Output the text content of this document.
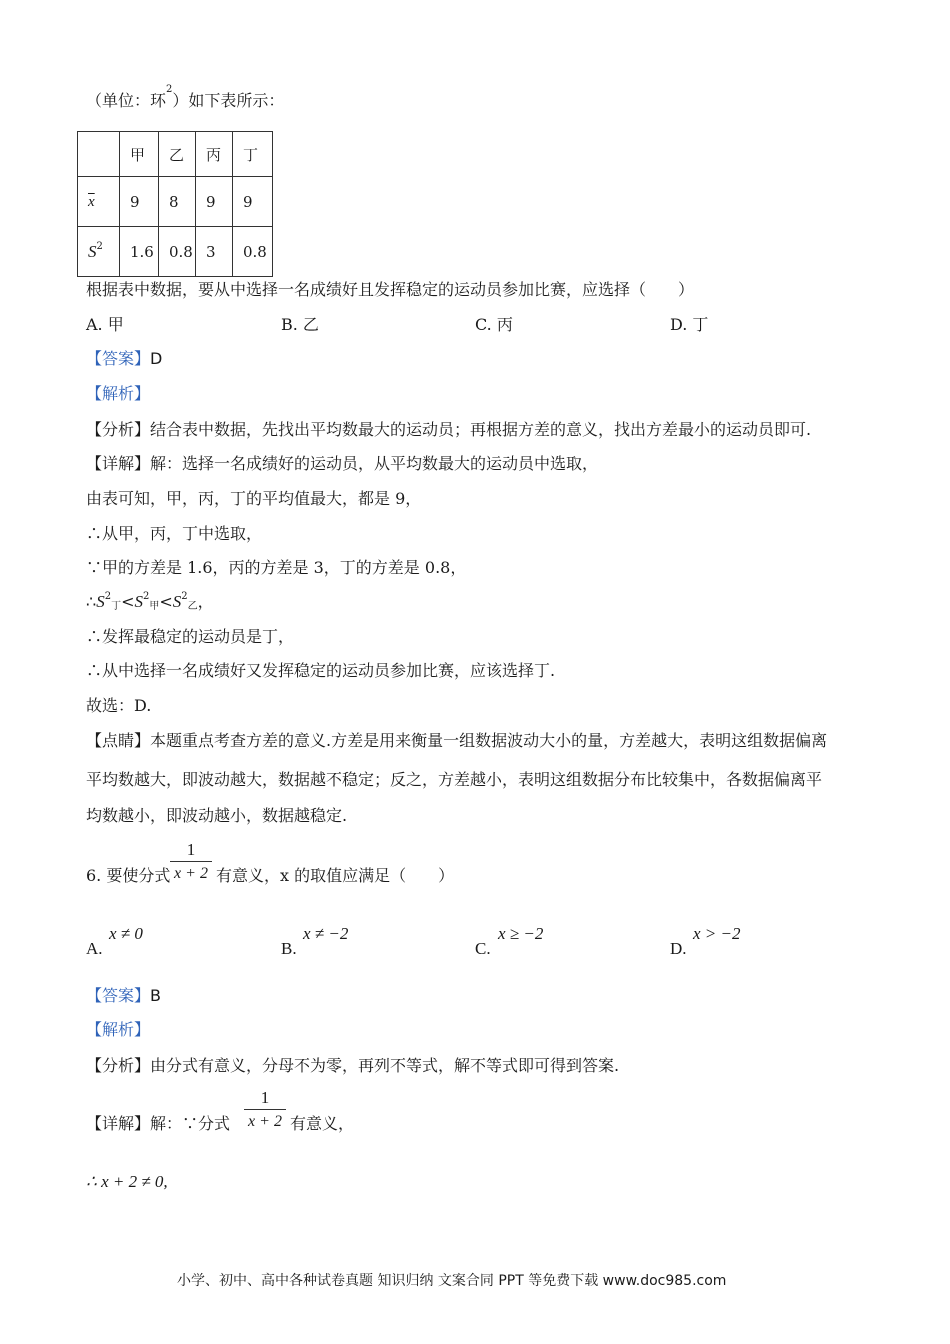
（单位：环$^2$）如下表所示：
	甲	乙	丙	丁
$\overline{x}$	9	8	9	9
$S^2$	1.6	0.8	3	0.8
根据表中数据，要从中选择一名成绩好且发挥稳定的运动员参加比赛，应选择（　　）
A. 甲	B. 乙	C. 丙	D. 丁
【答案】D
【解析】
【分析】结合表中数据，先找出平均数最大的运动员；再根据方差的意义，找出方差最小的运动员即可.
【详解】解：选择一名成绩好的运动员，从平均数最大的运动员中选取，
由表可知，甲，丙，丁的平均值最大，都是 9，
∴从甲，丙，丁中选取，
∵甲的方差是 1.6，丙的方差是 3，丁的方差是 0.8，
$\therefore S^2$丁$<S^2$甲$<S^2$乙，
∴发挥最稳定的运动员是丁，
∴从中选择一名成绩好又发挥稳定的运动员参加比赛，应该选择丁.
故选：D.
【点睛】本题重点考查方差的意义.方差是用来衡量一组数据波动大小的量，方差越大，表明这组数据偏离
平均数越大，即波动越大，数据越不稳定；反之，方差越小，表明这组数据分布比较集中，各数据偏离平
均数越小，即波动越小，数据越稳定.
6. 要使分式
1
x + 2 有意义，x 的取值应满足（　　）
A.
x ≠ 0
B.
x ≠ −2
C.
x ≥ −2
D.
x > −2
【答案】B
【解析】
【分析】由分式有意义，分母不为零，再列不等式，解不等式即可得到答案.
【详解】解：∵分式
1
x + 2 有意义，
∴ x + 2 ≠ 0,
小学、初中、高中各种试卷真题 知识归纳 文案合同 PPT 等免费下载 www.doc985.com
